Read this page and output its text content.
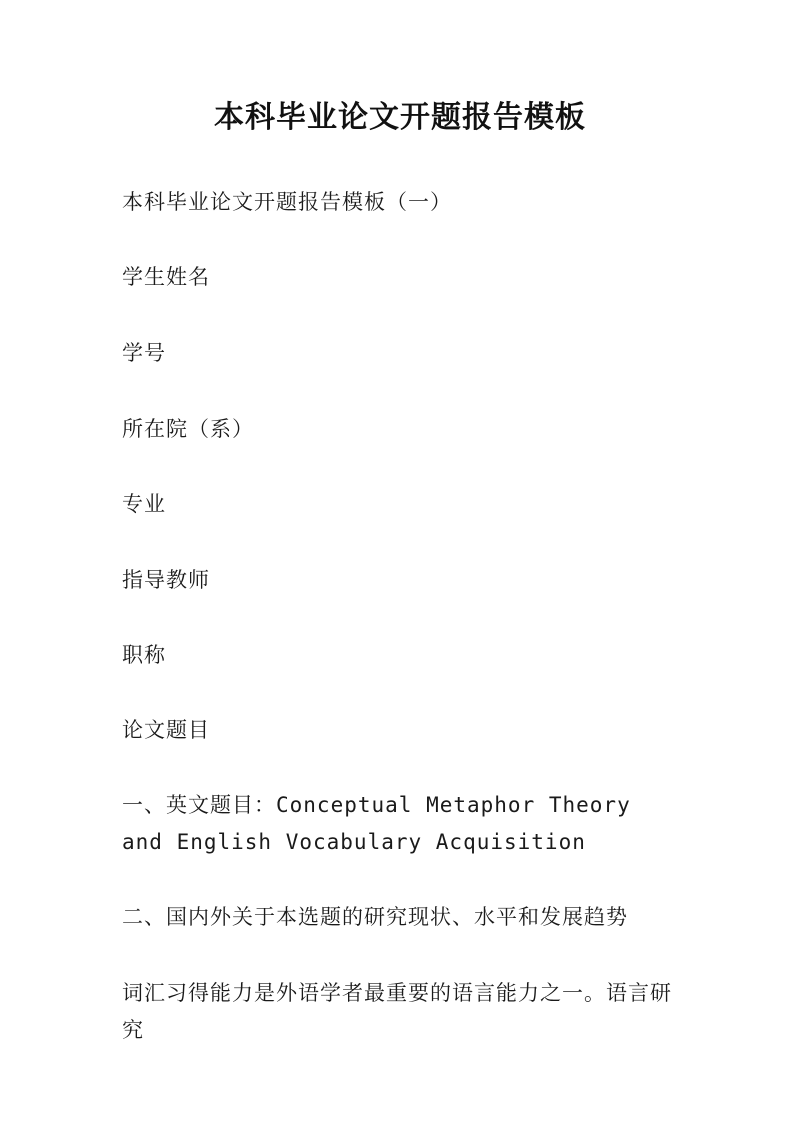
本科毕业论文开题报告模板

本科毕业论文开题报告模板（一）

学生姓名

学号

所在院（系）

专业

指导教师

职称

论文题目

一、英文题目：Conceptual Metaphor Theory and English Vocabulary Acquisition

二、国内外关于本选题的研究现状、水平和发展趋势

词汇习得能力是外语学者最重要的语言能力之一。语言研究
